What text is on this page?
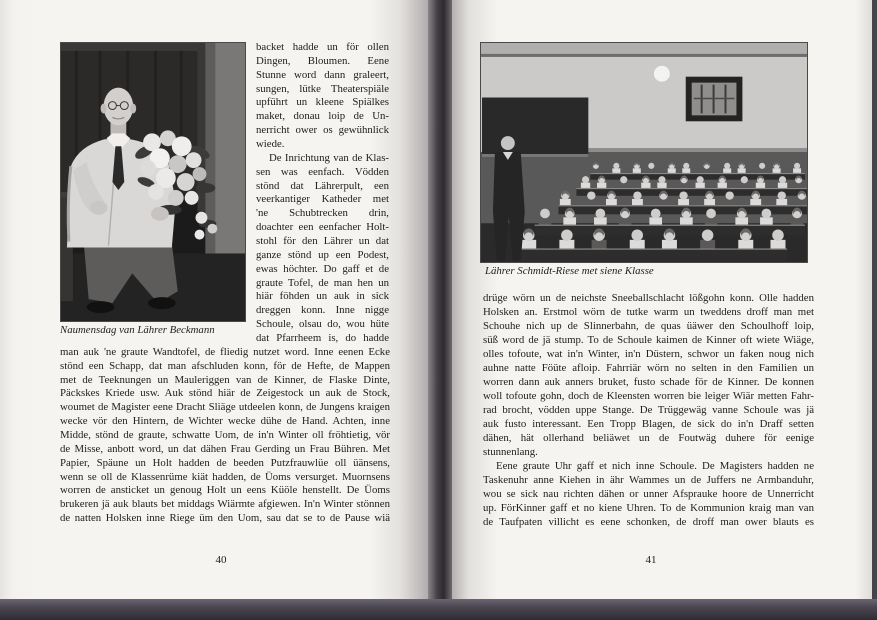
Naumensdag van Lährer Beckmann
backet hadde un för ollen
Dingen, Bloumen. Eene
Stunne word dann graleert,
sungen, lütke Theaterspiäle
upführt un kleene Spiälkes
maket, donau loip de Un-
nerricht ower os gewühnlick
wiede.
De Inrichtung van de Klas-
sen was eenfach. Vödden
stönd dat Lährerpult, een
veerkantiger Katheder met
'ne Schubtrecken drin,
doachter een eenfacher Holt-
stohl för den Lährer un dat
ganze stönd up een Podest,
ewas höchter. Do gaff et de
graute Tofel, de man hen un
hiär föhden un auk in sick
dreggen konn. Inne nigge
Schoule, olsau do, wou hüte
dat Pfarrheem is, do hadde
man auk 'ne graute Wandtofel, de fliedig nutzet word. Inne eenen Ecke
stönd een Schapp, dat man afschluden konn, för de Hefte, de Mappen
met de Teeknungen un Mauleriggen van de Kinner, de Flaske Dinte,
Päckskes Kriede usw. Auk stönd hiär de Zeigestock un auk de Stock,
woumet de Magister eene Dracht Sliäge utdeelen konn, de Jungens kraigen
wecke vör den Hintern, de Wichter wecke dühe de Hand. Achten, inne
Midde, stönd de graute, schwatte Uom, de in'n Winter oll fröhtietig, vör
de Misse, anbott word, un dat dähen Frau Gerding un Frau Bühren. Met
Papier, Späune un Holt hadden de beeden Putzfrauwlüe oll üänsens,
wenn se oll de Klassenrüme kiät hadden, de Üoms versurget. Muornsens
worren de ansticket un genoug Holt un eens Küöle henstellt. De Üoms
brukeren jä auk blauts bet middags Wiärmte afgiewen. In'n Winter stönnen
de natten Holsken inne Riege üm den Uom, sau dat se to de Pause wiä
40
Lährer Schmidt-Riese met siene Klasse
drüge wörn un de neichste Sneeballschlacht lößgohn konn. Olle hadden
Holsken an. Erstmol wörn de tutke warm un tweddens droff man met
Schouhe nich up de Slinnerbahn, de quas üäwer den Schoulhoff loip,
süß word de jä stump. To de Schoule kaimen de Kinner oft wiete Wiäge,
olles tofoute, wat in'n Winter, in'n Düstern, schwor un faken noug nich
auhne natte Föüte afloip. Fahrriär wörn no selten in den Familien un
worren dann auk anners bruket, fusto schade för de Kinner. De konnen
woll tofoute gohn, doch de Kleensten worren bie leiger Wiär metten Fahr-
rad brocht, vödden uppe Stange. De Trüggewäg vanne Schoule was jä
auk fusto interessant. Een Tropp Blagen, de sick do in'n Draff setten
dähen, hät ollerhand beliäwet un de Foutwäg duhere för eenige
stunnenlang.
Eene graute Uhr gaff et nich inne Schoule. De Magisters hadden ne
Taskenuhr anne Kiehen in ähr Wammes un de Juffers ne Armbanduhr,
wou se sick nau richten dähen or unner Afsprauke hoore de Unnerricht
up. FörKinner gaff et no kiene Uhren. To de Kommunion kraig man van
de Taufpaten villicht es eene schonken, de droff man ower blauts es
41
